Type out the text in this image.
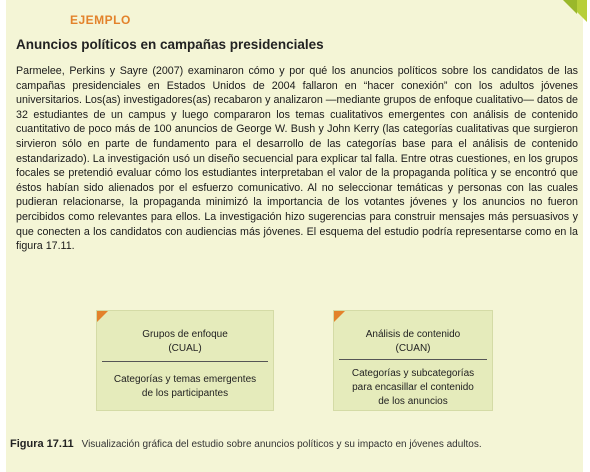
EJEMPLO
Anuncios políticos en campañas presidenciales

Parmelee, Perkins y Sayre (2007) examinaron cómo y por qué los anuncios políticos sobre los candidatos de las campañas presidenciales en Estados Unidos de 2004 fallaron en “hacer conexión” con los adultos jóvenes universitarios. Los(as) investigadores(as) recabaron y analizaron —mediante grupos de enfoque cualitativo— datos de 32 estudiantes de un campus y luego compararon los temas cualitativos emergentes con análisis de contenido cuantitativo de poco más de 100 anuncios de George W. Bush y John Kerry (las categorías cualitativas que surgieron sirvieron sólo en parte de fundamento para el desarrollo de las categorías base para el análisis de contenido estandarizado). La investigación usó un diseño secuencial para explicar tal falla. Entre otras cuestiones, en los grupos focales se pretendió evaluar cómo los estudiantes interpretaban el valor de la propaganda política y se encontró que éstos habían sido alienados por el esfuerzo comunicativo. Al no seleccionar temáticas y personas con las cuales pudieran relacionarse, la propaganda minimizó la importancia de los votantes jóvenes y los anuncios no fueron percibidos como relevantes para ellos. La investigación hizo sugerencias para construir mensajes más persuasivos y que conecten a los candidatos con audiencias más jóvenes. El esquema del estudio podría representarse como en la figura 17.11.

Grupos de enfoque
(CUAL)
Categorías y temas emergentes
de los participantes
Análisis de contenido
(CUAN)
Categorías y subcategorías
para encasillar el contenido
de los anuncios
Figura 17.11 Visualización gráfica del estudio sobre anuncios políticos y su impacto en jóvenes adultos.
